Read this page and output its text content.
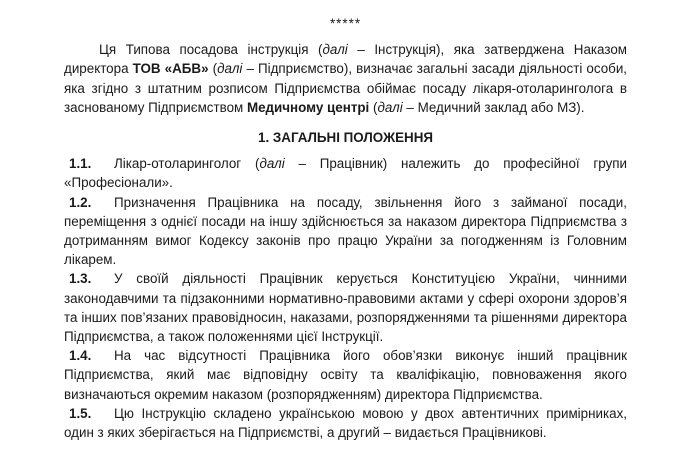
*****

Ця Типова посадова інструкція (далі – Інструкція), яка затверджена Наказом директора ТОВ «АБВ» (далі – Підприємство), визначає загальні засади діяльності особи, яка згідно з штатним розписом Підприємства обіймає посаду лікаря-отоларинголога в заснованому Підприємством Медичному центрі (далі – Медичний заклад або МЗ).

1. ЗАГАЛЬНІ ПОЛОЖЕННЯ

1.1. Лікар-отоларинголог (далі – Працівник) належить до професійної групи «Професіонали».

1.2. Призначення Працівника на посаду, звільнення його з займаної посади, переміщення з однієї посади на іншу здійснюється за наказом директора Підприємства з дотриманням вимог Кодексу законів про працю України за погодженням із Головним лікарем.

1.3. У своїй діяльності Працівник керується Конституцією України, чинними законодавчими та підзаконними нормативно-правовими актами у сфері охорони здоров’я та інших пов’язаних правовідносин, наказами, розпорядженнями та рішеннями директора Підприємства, а також положеннями цієї Інструкції.

1.4. На час відсутності Працівника його обов’язки виконує інший працівник Підприємства, який має відповідну освіту та кваліфікацію, повноваження якого визначаються окремим наказом (розпорядженням) директора Підприємства.

1.5. Цю Інструкцію складено українською мовою у двох автентичних примірниках, один з яких зберігається на Підприємстві, а другий – видається Працівникові.
